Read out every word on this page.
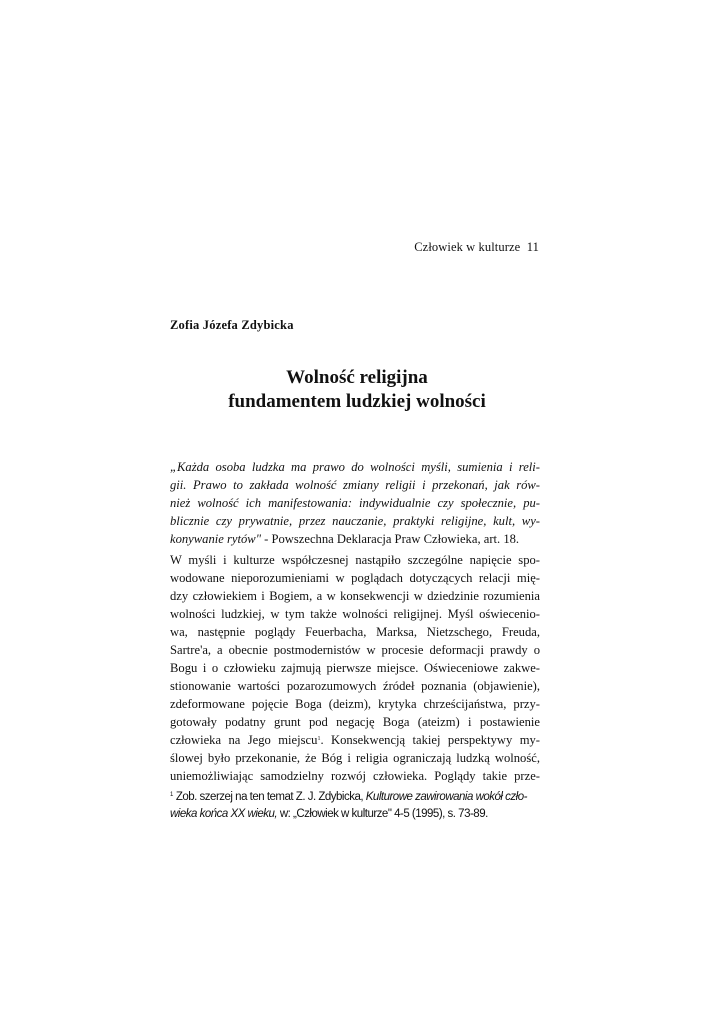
Człowiek w kulturze 11
Zofia Józefa Zdybicka
Wolność religijna
fundamentem ludzkiej wolności
„Każda osoba ludzka ma prawo do wolności myśli, sumienia i reli-
gii. Prawo to zakłada wolność zmiany religii i przekonań, jak rów-
nież wolność ich manifestowania: indywidualnie czy społecznie, pu-
blicznie czy prywatnie, przez nauczanie, praktyki religijne, kult, wy-
konywanie rytów" - Powszechna Deklaracja Praw Człowieka, art. 18.
W myśli i kulturze współczesnej nastąpiło szczególne napięcie spo-
wodowane nieporozumieniami w poglądach dotyczących relacji mię-
dzy człowiekiem i Bogiem, a w konsekwencji w dziedzinie rozumienia
wolności ludzkiej, w tym także wolności religijnej. Myśl oświecenio-
wa, następnie poglądy Feuerbacha, Marksa, Nietzschego, Freuda,
Sartre'a, a obecnie postmodernistów w procesie deformacji prawdy o
Bogu i o człowieku zajmują pierwsze miejsce. Oświeceniowe zakwe-
stionowanie wartości pozarozumowych źródeł poznania (objawienie),
zdeformowane pojęcie Boga (deizm), krytyka chrześcijaństwa, przy-
gotowały podatny grunt pod negację Boga (ateizm) i postawienie
człowieka na Jego miejscu$^1$. Konsekwencją takiej perspektywy my-
ślowej było przekonanie, że Bóg i religia ograniczają ludzką wolność,
uniemożliwiając samodzielny rozwój człowieka. Poglądy takie prze-
$^1$ Zob. szerzej na ten temat Z. J. Zdybicka, Kulturowe zawirowania wokół czło-
wieka końca XX wieku, w: „Człowiek w kulturze" 4-5 (1995), s. 73-89.
